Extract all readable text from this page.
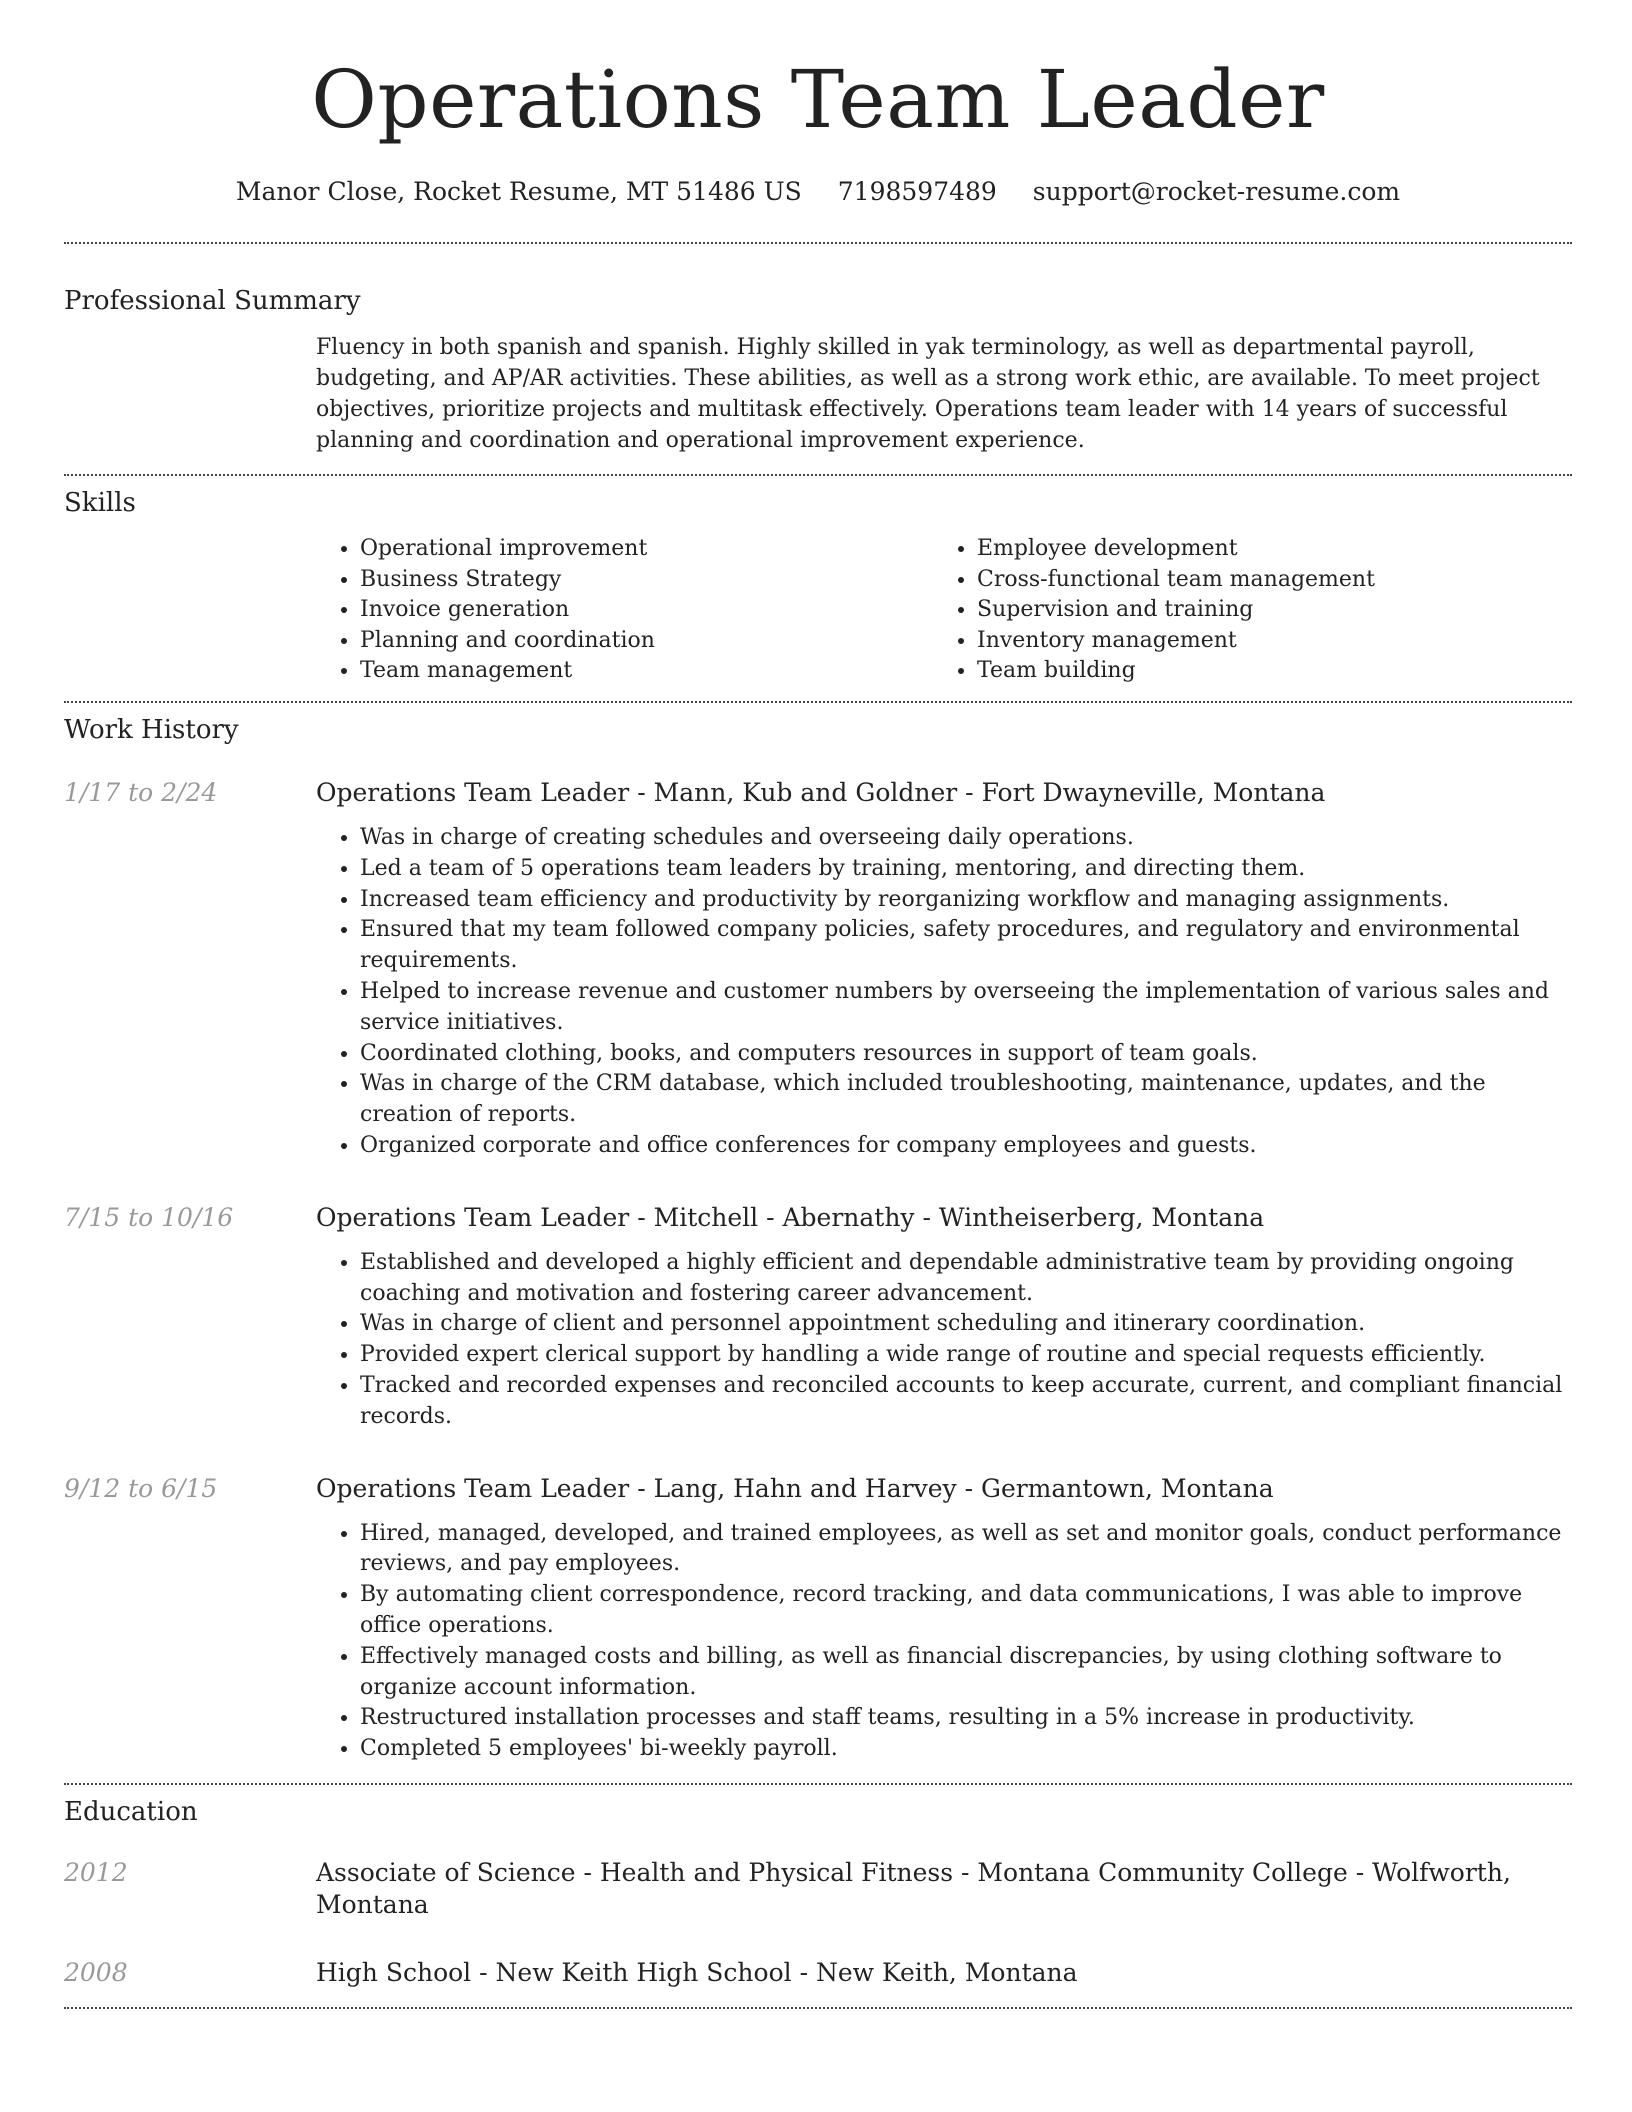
Operations Team Leader
Manor Close, Rocket Resume, MT 51486 US 7198597489 support@rocket-resume.com
Professional Summary
Fluency in both spanish and spanish. Highly skilled in yak terminology, as well as departmental payroll, budgeting, and AP/AR activities. These abilities, as well as a strong work ethic, are available. To meet project objectives, prioritize projects and multitask effectively. Operations team leader with 14 years of successful planning and coordination and operational improvement experience.
Skills
• Operational improvement
• Business Strategy
• Invoice generation
• Planning and coordination
• Team management
• Employee development
• Cross-functional team management
• Supervision and training
• Inventory management
• Team building
Work History
1/17 to 2/24	Operations Team Leader - Mann, Kub and Goldner - Fort Dwayneville, Montana
• Was in charge of creating schedules and overseeing daily operations.
• Led a team of 5 operations team leaders by training, mentoring, and directing them.
• Increased team efficiency and productivity by reorganizing workflow and managing assignments.
• Ensured that my team followed company policies, safety procedures, and regulatory and environmental requirements.
• Helped to increase revenue and customer numbers by overseeing the implementation of various sales and service initiatives.
• Coordinated clothing, books, and computers resources in support of team goals.
• Was in charge of the CRM database, which included troubleshooting, maintenance, updates, and the creation of reports.
• Organized corporate and office conferences for company employees and guests.
7/15 to 10/16	Operations Team Leader - Mitchell - Abernathy - Wintheiserberg, Montana
• Established and developed a highly efficient and dependable administrative team by providing ongoing coaching and motivation and fostering career advancement.
• Was in charge of client and personnel appointment scheduling and itinerary coordination.
• Provided expert clerical support by handling a wide range of routine and special requests efficiently.
• Tracked and recorded expenses and reconciled accounts to keep accurate, current, and compliant financial records.
9/12 to 6/15	Operations Team Leader - Lang, Hahn and Harvey - Germantown, Montana
• Hired, managed, developed, and trained employees, as well as set and monitor goals, conduct performance reviews, and pay employees.
• By automating client correspondence, record tracking, and data communications, I was able to improve office operations.
• Effectively managed costs and billing, as well as financial discrepancies, by using clothing software to organize account information.
• Restructured installation processes and staff teams, resulting in a 5% increase in productivity.
• Completed 5 employees' bi-weekly payroll.
Education
2012	Associate of Science - Health and Physical Fitness - Montana Community College - Wolfworth, Montana
2008	High School - New Keith High School - New Keith, Montana
